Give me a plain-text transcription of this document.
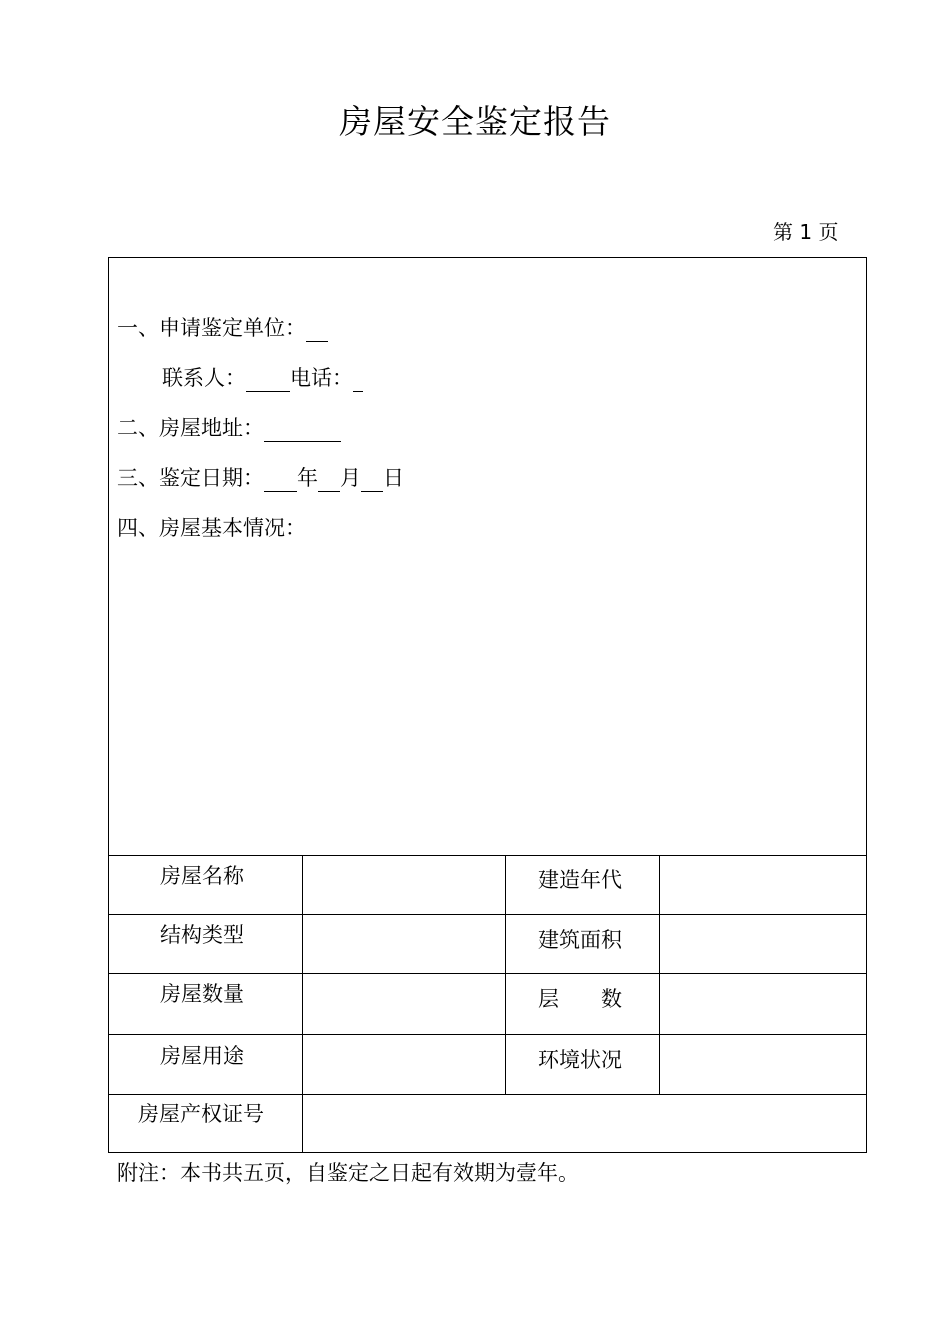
房屋安全鉴定报告
第 1 页
一、申请鉴定单位：
联系人： 电话：
二、房屋地址：
三、鉴定日期： 年 月 日
四、房屋基本情况：
房屋名称	建造年代
结构类型	建筑面积
房屋数量	层　　数
房屋用途	环境状况
房屋产权证号
附注：本书共五页，自鉴定之日起有效期为壹年。
